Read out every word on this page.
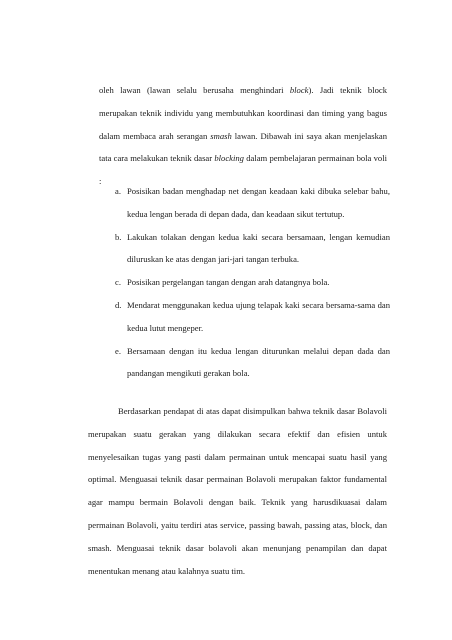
oleh lawan (lawan selalu berusaha menghindari block). Jadi teknik block merupakan teknik individu yang membutuhkan koordinasi dan timing yang bagus dalam membaca arah serangan smash lawan. Dibawah ini saya akan menjelaskan tata cara melakukan teknik dasar blocking dalam pembelajaran permainan bola voli :

a. Posisikan badan menghadap net dengan keadaan kaki dibuka selebar bahu, kedua lengan berada di depan dada, dan keadaan sikut tertutup.
b. Lakukan tolakan dengan kedua kaki secara bersamaan, lengan kemudian diluruskan ke atas dengan jari-jari tangan terbuka.
c. Posisikan pergelangan tangan dengan arah datangnya bola.
d. Mendarat menggunakan kedua ujung telapak kaki secara bersama-sama dan kedua lutut mengeper.
e. Bersamaan dengan itu kedua lengan diturunkan melalui depan dada dan pandangan mengikuti gerakan bola.

Berdasarkan pendapat di atas dapat disimpulkan bahwa teknik dasar Bolavoli merupakan suatu gerakan yang dilakukan secara efektif dan efisien untuk menyelesaikan tugas yang pasti dalam permainan untuk mencapai suatu hasil yang optimal. Menguasai teknik dasar permainan Bolavoli merupakan faktor fundamental agar mampu bermain Bolavoli dengan baik. Teknik yang harusdikuasai dalam permainan Bolavoli, yaitu terdiri atas service, passing bawah, passing atas, block, dan smash. Menguasai teknik dasar bolavoli akan menunjang penampilan dan dapat menentukan menang atau kalahnya suatu tim.
